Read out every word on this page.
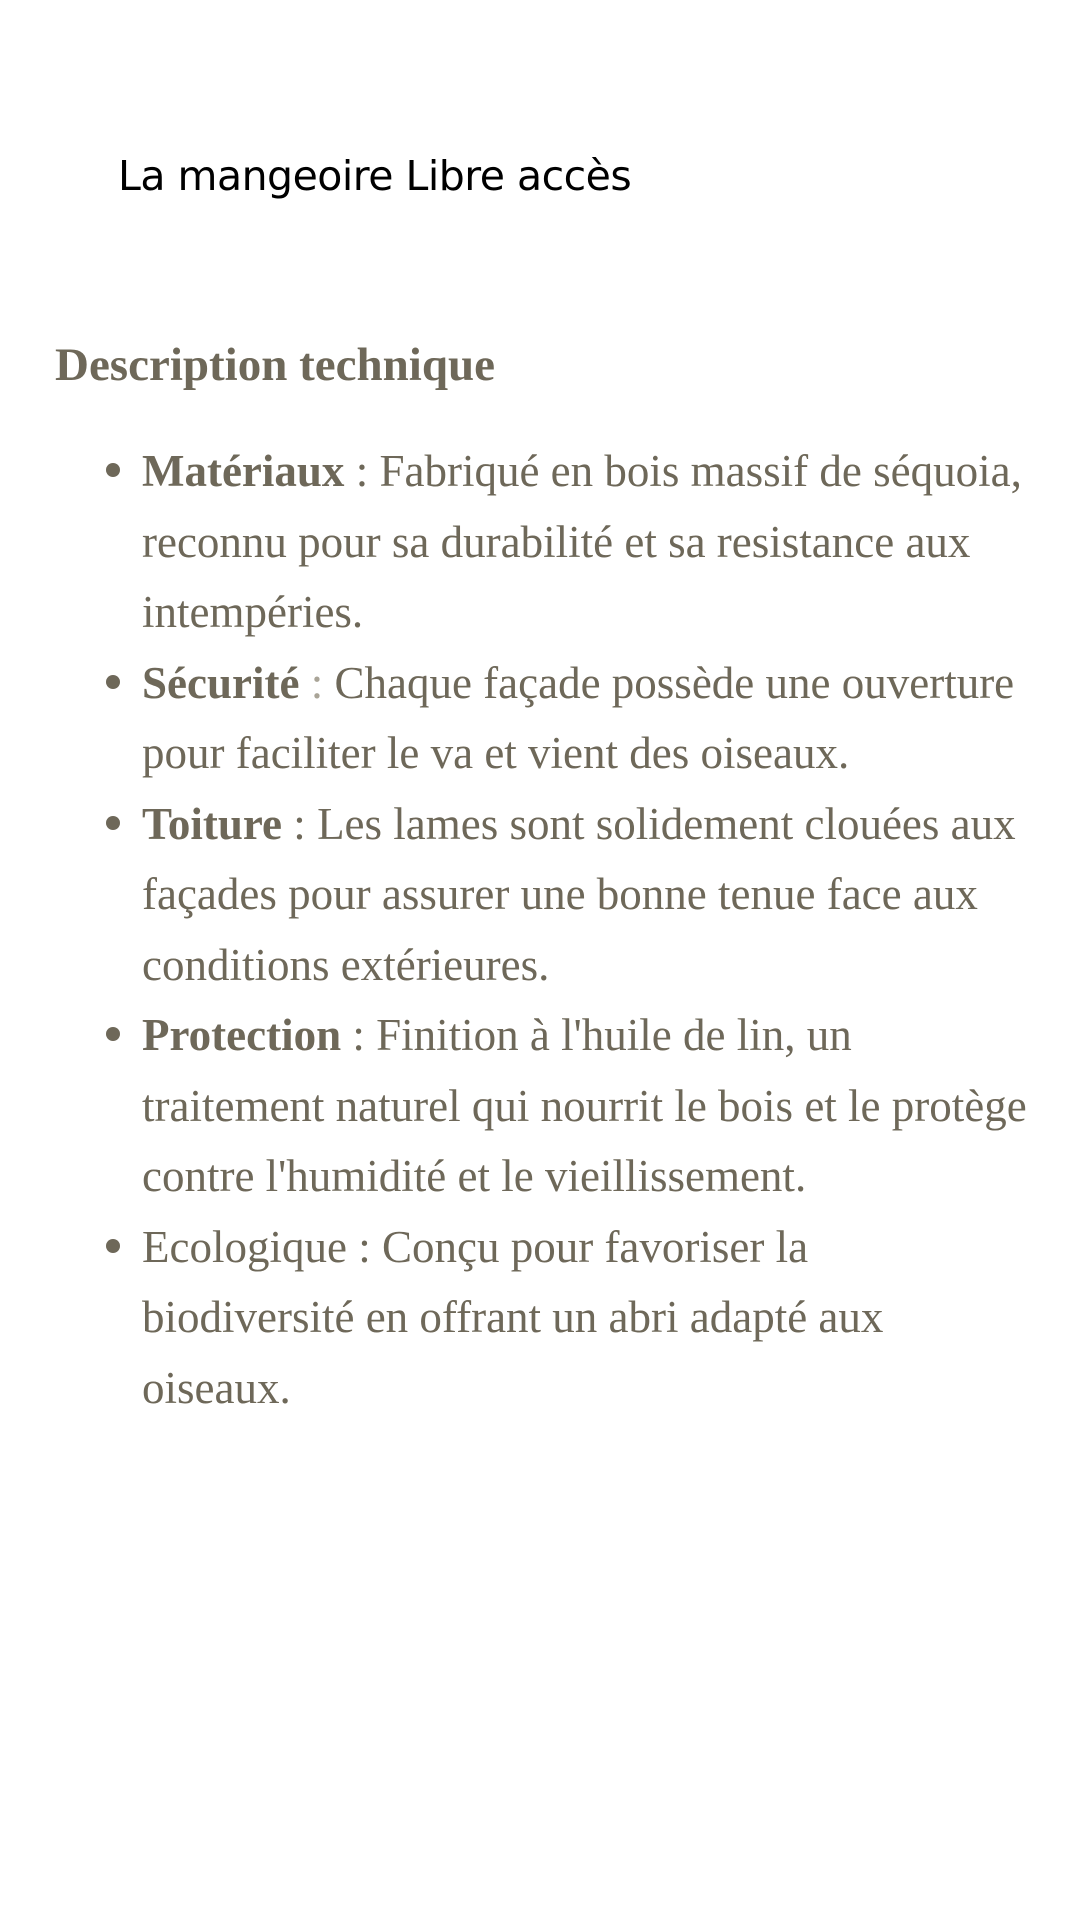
La mangeoire Libre accès
Description technique
Matériaux : Fabriqué en bois massif de séquoia, reconnu pour sa durabilité et sa resistance aux intempéries.
Sécurité : Chaque façade possède une ouverture pour faciliter le va et vient des oiseaux.
Toiture : Les lames sont solidement clouées aux façades pour assurer une bonne tenue face aux conditions extérieures.
Protection : Finition à l'huile de lin, un traitement naturel qui nourrit le bois et le protège contre l'humidité et le vieillissement.
Ecologique : Conçu pour favoriser la biodiversité en offrant un abri adapté aux oiseaux.
